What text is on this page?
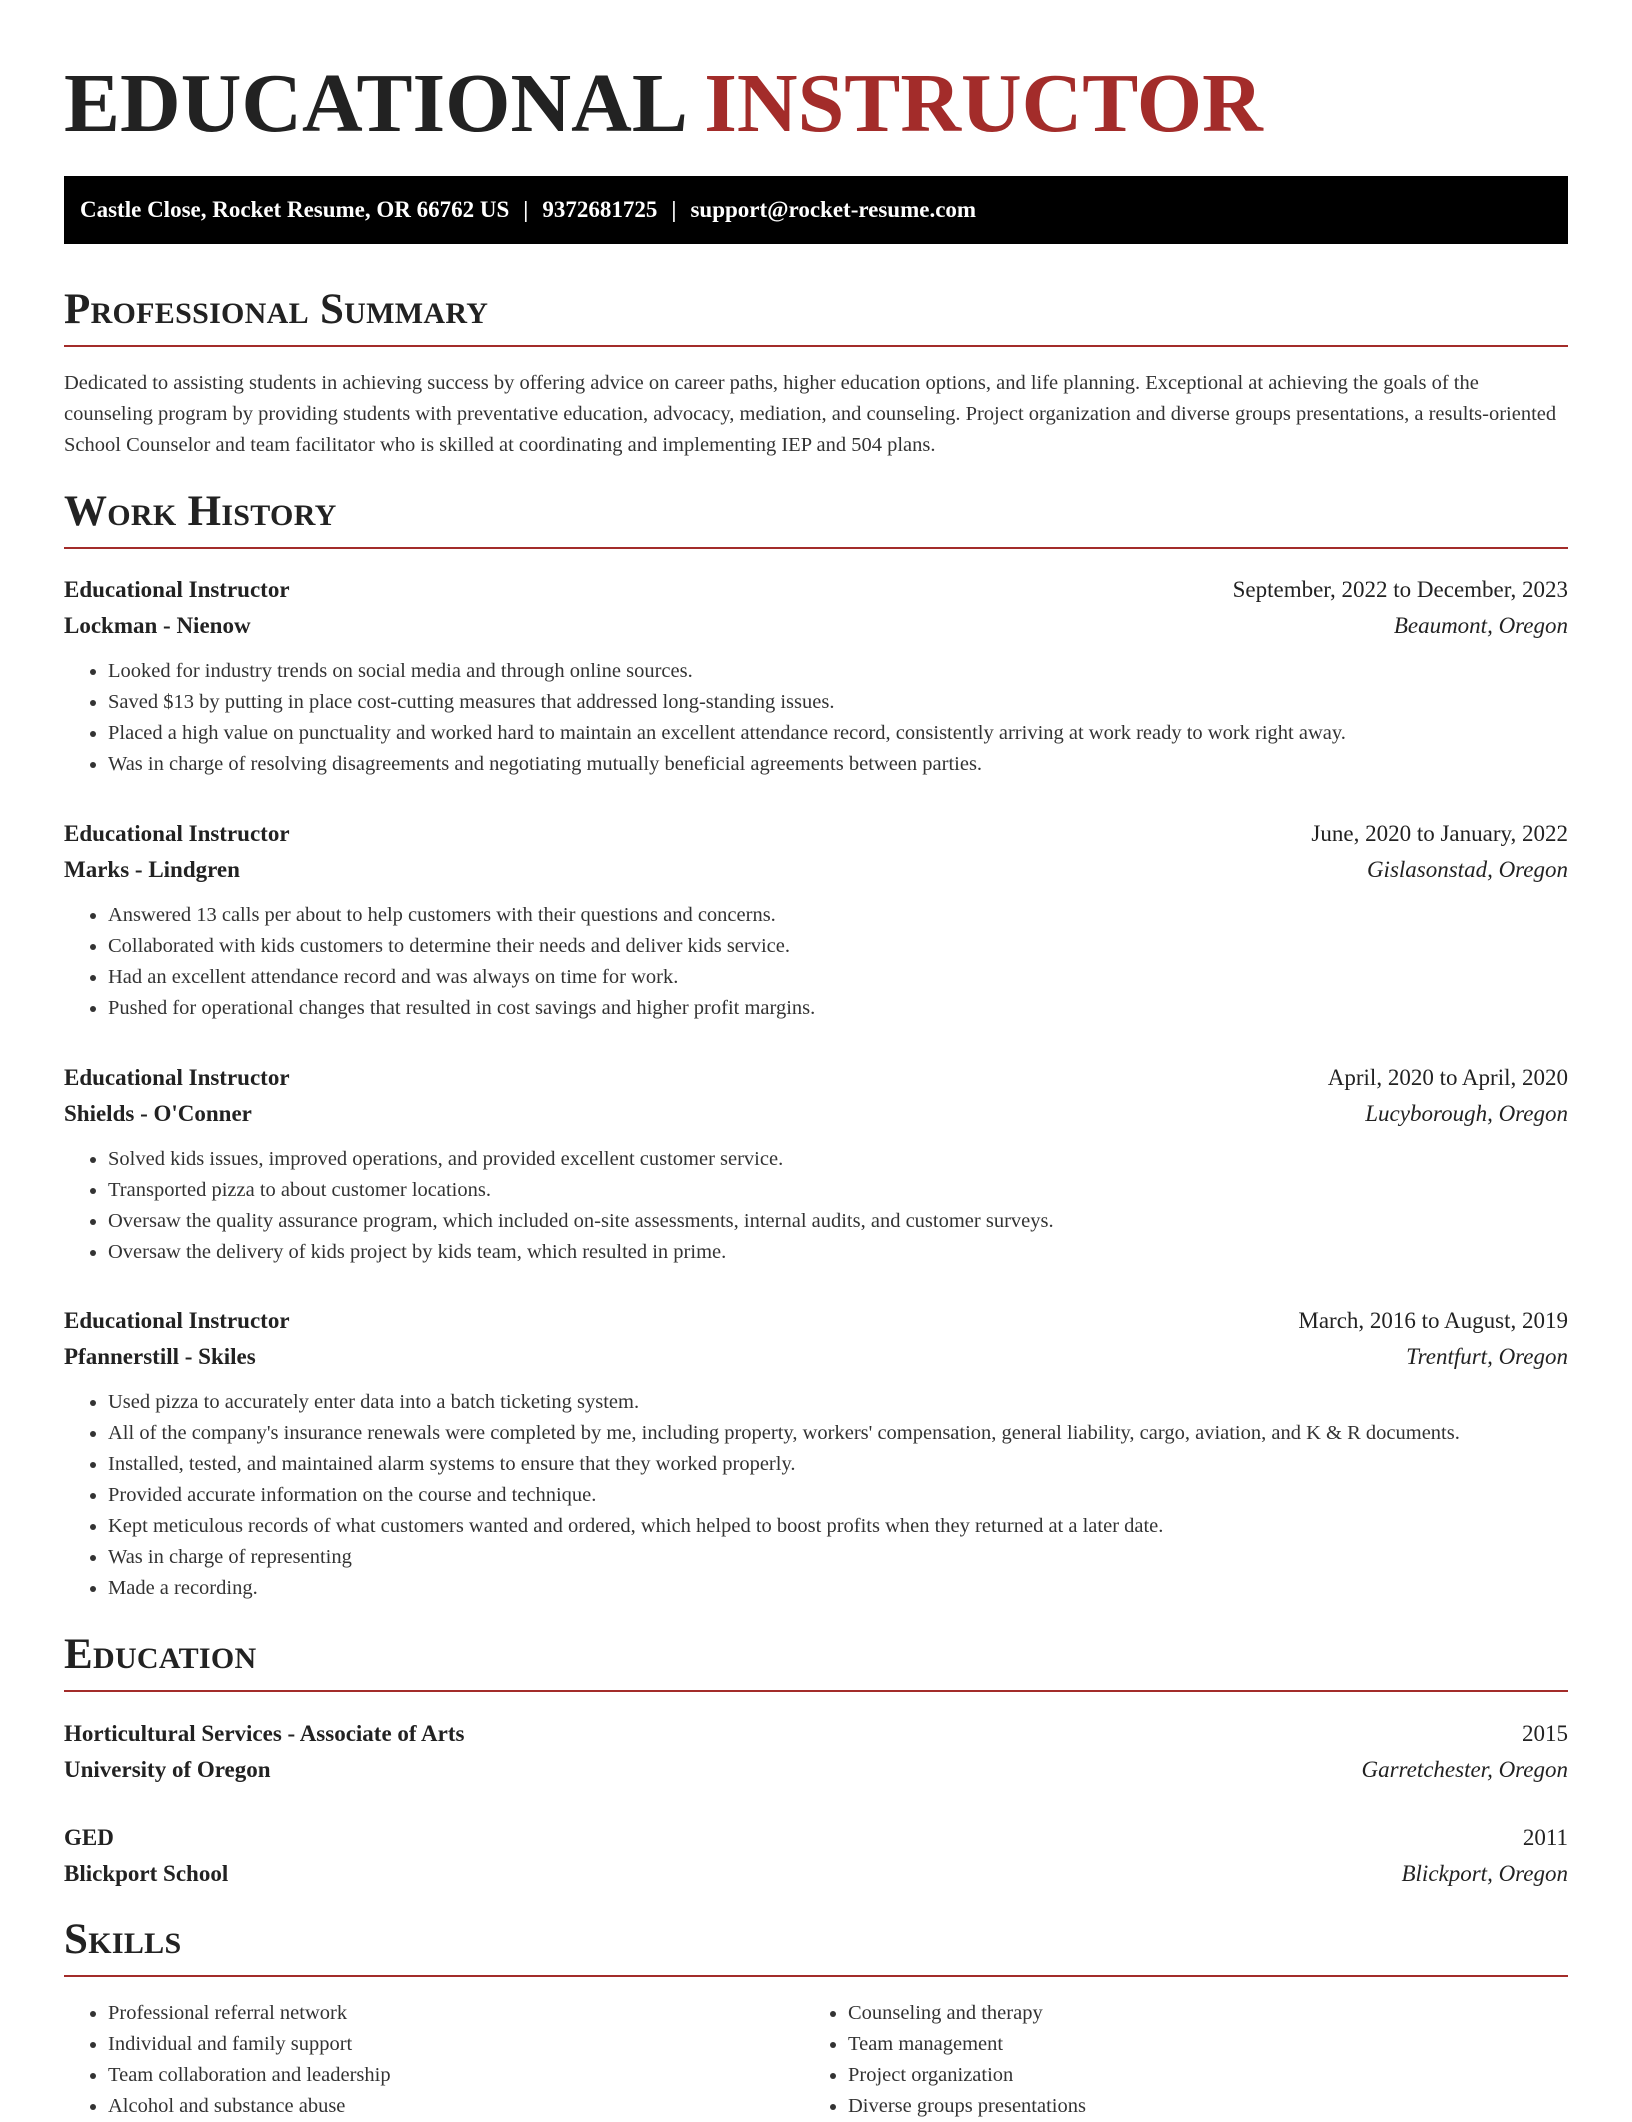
EDUCATIONAL INSTRUCTOR
Castle Close, Rocket Resume, OR 66762 US | 9372681725 | support@rocket-resume.com
Professional Summary

Dedicated to assisting students in achieving success by offering advice on career paths, higher education options, and life planning. Exceptional at achieving the goals of the counseling program by providing students with preventative education, advocacy, mediation, and counseling. Project organization and diverse groups presentations, a results-oriented School Counselor and team facilitator who is skilled at coordinating and implementing IEP and 504 plans.

Work History
Educational Instructor	September, 2022 to December, 2023
Lockman - Nienow	Beaumont, Oregon
• Looked for industry trends on social media and through online sources.
• Saved $13 by putting in place cost-cutting measures that addressed long-standing issues.
• Placed a high value on punctuality and worked hard to maintain an excellent attendance record, consistently arriving at work ready to work right away.
• Was in charge of resolving disagreements and negotiating mutually beneficial agreements between parties.
Educational Instructor	June, 2020 to January, 2022
Marks - Lindgren	Gislasonstad, Oregon
• Answered 13 calls per about to help customers with their questions and concerns.
• Collaborated with kids customers to determine their needs and deliver kids service.
• Had an excellent attendance record and was always on time for work.
• Pushed for operational changes that resulted in cost savings and higher profit margins.
Educational Instructor	April, 2020 to April, 2020
Shields - O'Conner	Lucyborough, Oregon
• Solved kids issues, improved operations, and provided excellent customer service.
• Transported pizza to about customer locations.
• Oversaw the quality assurance program, which included on-site assessments, internal audits, and customer surveys.
• Oversaw the delivery of kids project by kids team, which resulted in prime.
Educational Instructor	March, 2016 to August, 2019
Pfannerstill - Skiles	Trentfurt, Oregon
• Used pizza to accurately enter data into a batch ticketing system.
• All of the company's insurance renewals were completed by me, including property, workers' compensation, general liability, cargo, aviation, and K & R documents.
• Installed, tested, and maintained alarm systems to ensure that they worked properly.
• Provided accurate information on the course and technique.
• Kept meticulous records of what customers wanted and ordered, which helped to boost profits when they returned at a later date.
• Was in charge of representing
• Made a recording.
Education
Horticultural Services - Associate of Arts	2015
University of Oregon	Garretchester, Oregon
GED	2011
Blickport School	Blickport, Oregon
Skills
• Professional referral network
• Individual and family support
• Team collaboration and leadership
• Alcohol and substance abuse
• Counseling and therapy
• Team management
• Project organization
• Diverse groups presentations
